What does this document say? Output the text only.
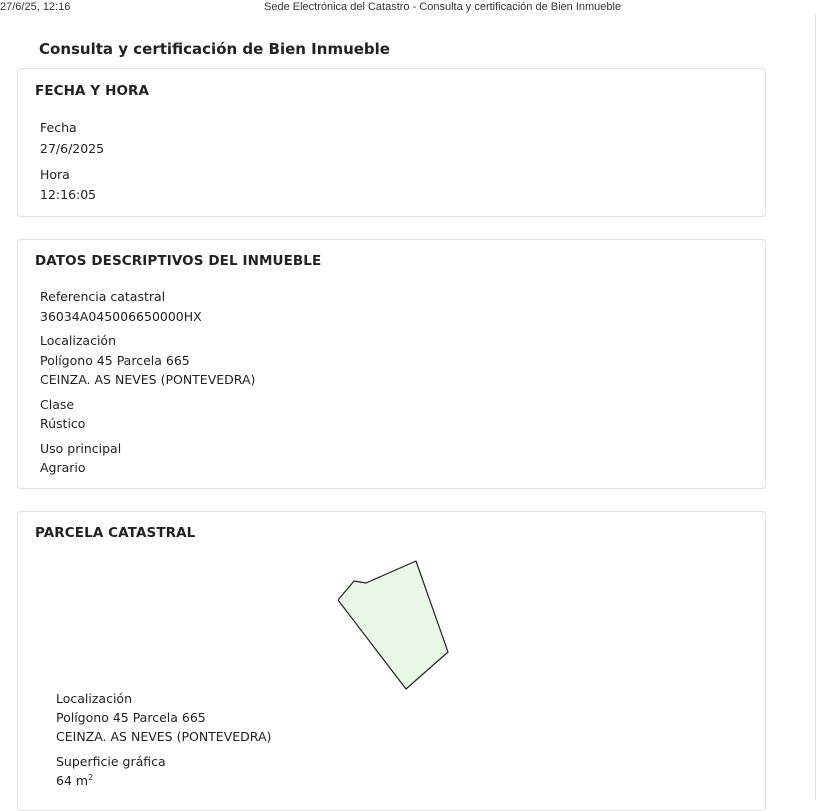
27/6/25, 12:16	Sede Electrónica del Catastro - Consulta y certificación de Bien Inmueble
Consulta y certificación de Bien Inmueble
FECHA Y HORA
Fecha
27/6/2025
Hora
12:16:05
DATOS DESCRIPTIVOS DEL INMUEBLE
Referencia catastral
36034A045006650000HX
Localización
Polígono 45 Parcela 665
CEINZA. AS NEVES (PONTEVEDRA)
Clase
Rústico
Uso principal
Agrario
PARCELA CATASTRAL
Localización
Polígono 45 Parcela 665
CEINZA. AS NEVES (PONTEVEDRA)
Superficie gráfica
64 $m^2$
